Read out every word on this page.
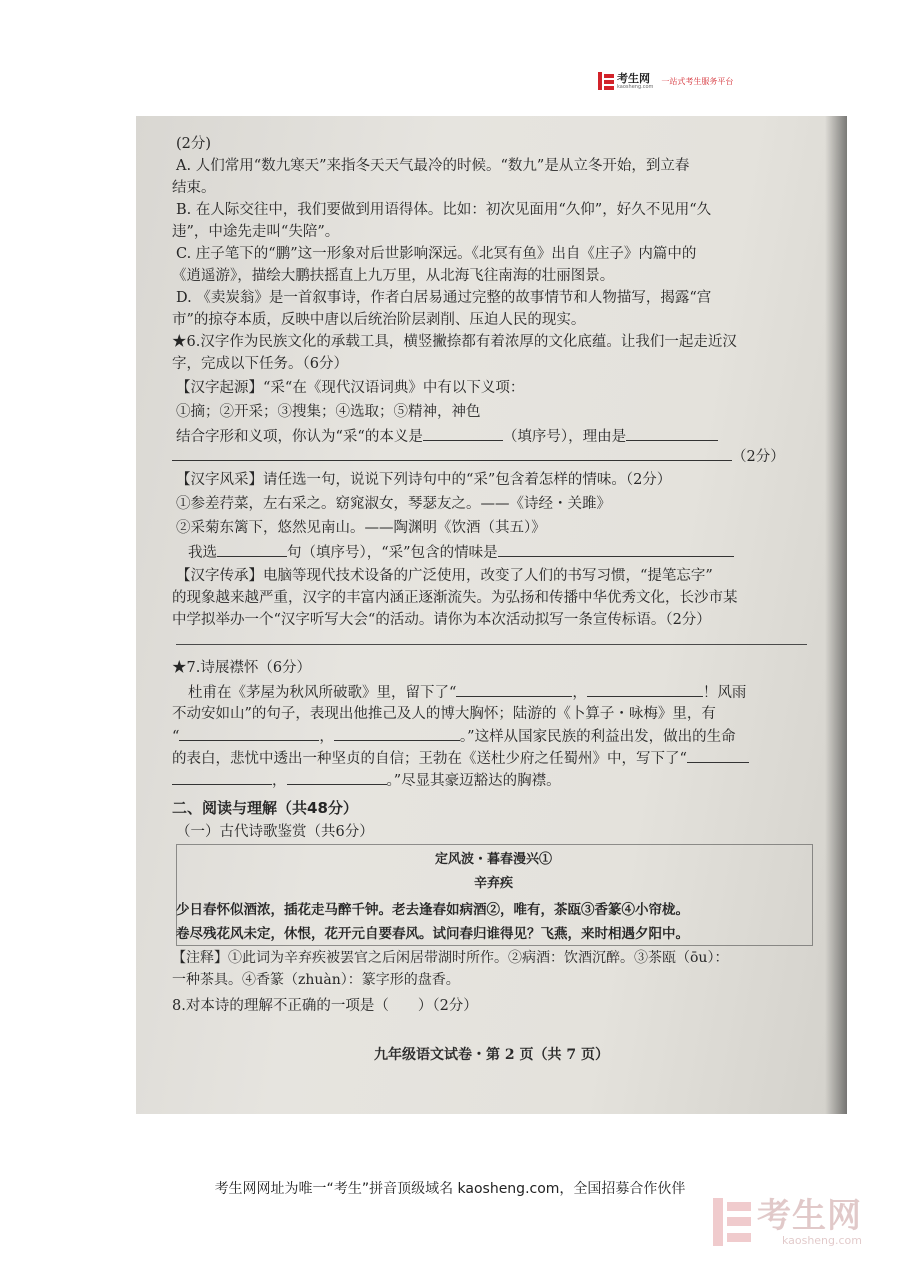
考生网
kaosheng.com
一站式考生服务平台

(2分)
A. 人们常用“数九寒天”来指冬天天气最冷的时候。“数九”是从立冬开始，到立春
结束。
B. 在人际交往中，我们要做到用语得体。比如：初次见面用“久仰”，好久不见用“久
违”，中途先走叫“失陪”。
C. 庄子笔下的“鹏”这一形象对后世影响深远。《北冥有鱼》出自《庄子》内篇中的
《逍遥游》，描绘大鹏扶摇直上九万里，从北海飞往南海的壮丽图景。
D. 《卖炭翁》是一首叙事诗，作者白居易通过完整的故事情节和人物描写，揭露“宫
市”的掠夺本质，反映中唐以后统治阶层剥削、压迫人民的现实。
★6.汉字作为民族文化的承载工具，横竖撇捺都有着浓厚的文化底蕴。让我们一起走近汉
字，完成以下任务。（6分）
【汉字起源】“采“在《现代汉语词典》中有以下义项：
①摘；②开采；③搜集；④选取；⑤精神，神色
结合字形和义项，你认为“采“的本义是	（填序号），理由是
（2分）
【汉字风采】请任选一句，说说下列诗句中的“采”包含着怎样的情味。（2分）
①参差荇菜，左右采之。窈窕淑女，琴瑟友之。——《诗经・关雎》
②采菊东篱下，悠然见南山。——陶渊明《饮酒（其五）》
我选	句（填序号），“采”包含的情味是
【汉字传承】电脑等现代技术设备的广泛使用，改变了人们的书写习惯，“提笔忘字”
的现象越来越严重，汉字的丰富内涵正逐渐流失。为弘扬和传播中华优秀文化，长沙市某
中学拟举办一个“汉字听写大会“的活动。请你为本次活动拟写一条宣传标语。（2分）
★7.诗展襟怀（6分）
杜甫在《茅屋为秋风所破歌》里，留下了“	，	！风雨
不动安如山”的句子，表现出他推己及人的博大胸怀；陆游的《卜算子・咏梅》里，有
“	，	。”这样从国家民族的利益出发，做出的生命
的表白，悲忧中透出一种坚贞的自信；王勃在《送杜少府之任蜀州》中，写下了“
，	。”尽显其豪迈豁达的胸襟。
二、阅读与理解（共48分）
（一）古代诗歌鉴赏（共6分）
定风波・暮春漫兴①
辛弃疾
少日春怀似酒浓，插花走马醉千钟。老去逢春如病酒②，唯有，茶瓯③香篆④小帘栊。
卷尽残花风未定，休恨，花开元自要春风。试问春归谁得见？飞燕，来时相遇夕阳中。
【注释】①此词为辛弃疾被罢官之后闲居带湖时所作。②病酒：饮酒沉醉。③茶瓯（ōu）：
一种茶具。④香篆（zhuàn）：篆字形的盘香。
8.对本诗的理解不正确的一项是（　　）（2分）
九年级语文试卷・第 2 页（共 7 页）
考生网网址为唯一“考生”拼音顶级域名 kaosheng.com，全国招募合作伙伴
考生网
kaosheng.com
